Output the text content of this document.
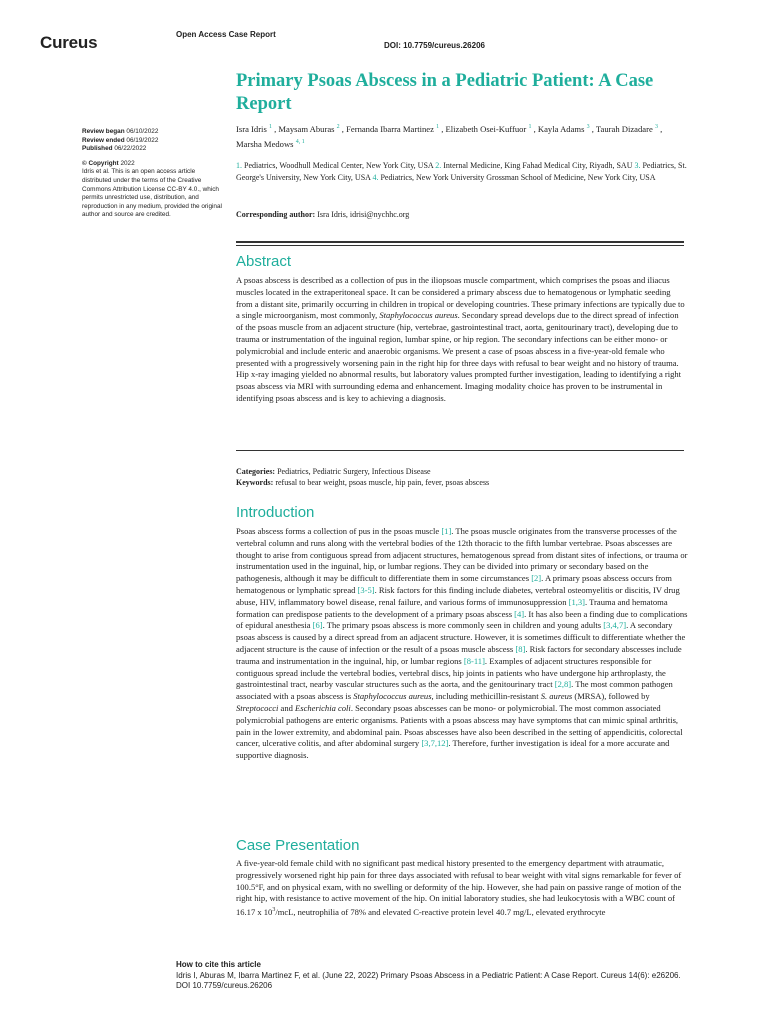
Cureus	Open Access Case Report
DOI: 10.7759/cureus.26206
Primary Psoas Abscess in a Pediatric Patient: A Case Report
Isra Idris $^1$ , Maysam Aburas $^2$ , Fernanda Ibarra Martinez $^1$ , Elizabeth Osei-Kuffuor $^1$ , Kayla Adams $^3$ , Taurah Dizadare $^3$ , Marsha Medows $^{4, 1}$
1. Pediatrics, Woodhull Medical Center, New York City, USA 2. Internal Medicine, King Fahad Medical City, Riyadh, SAU 3. Pediatrics, St. George's University, New York City, USA 4. Pediatrics, New York University Grossman School of Medicine, New York City, USA
Corresponding author: Isra Idris, idrisi@nychhc.org
Review began 06/10/2022
Review ended 06/19/2022
Published 06/22/2022
© Copyright 2022
Idris et al. This is an open access article distributed under the terms of the Creative Commons Attribution License CC-BY 4.0., which permits unrestricted use, distribution, and reproduction in any medium, provided the original author and source are credited.
Abstract

A psoas abscess is described as a collection of pus in the iliopsoas muscle compartment, which comprises the psoas and iliacus muscles located in the extraperitoneal space. It can be considered a primary abscess due to hematogenous or lymphatic seeding from a distant site, primarily occurring in children in tropical or developing countries. These primary infections are typically due to a single microorganism, most commonly, Staphylococcus aureus. Secondary spread develops due to the direct spread of infection of the psoas muscle from an adjacent structure (hip, vertebrae, gastrointestinal tract, aorta, genitourinary tract), developing due to trauma or instrumentation of the inguinal region, lumbar spine, or hip region. The secondary infections can be either mono- or polymicrobial and include enteric and anaerobic organisms. We present a case of psoas abscess in a five-year-old female who presented with a progressively worsening pain in the right hip for three days with refusal to bear weight and no history of trauma. Hip x-ray imaging yielded no abnormal results, but laboratory values prompted further investigation, leading to identifying a right psoas abscess via MRI with surrounding edema and enhancement. Imaging modality choice has proven to be instrumental in identifying psoas abscess and is key to achieving a diagnosis.

Categories: Pediatrics, Pediatric Surgery, Infectious Disease
Keywords: refusal to bear weight, psoas muscle, hip pain, fever, psoas abscess
Introduction

Psoas abscess forms a collection of pus in the psoas muscle [1]. The psoas muscle originates from the transverse processes of the vertebral column and runs along with the vertebral bodies of the 12th thoracic to the fifth lumbar vertebrae. Psoas abscesses are thought to arise from contiguous spread from adjacent structures, hematogenous spread from distant sites of infections, or trauma or instrumentation used in the inguinal, hip, or lumbar regions. They can be divided into primary or secondary based on the pathogenesis, although it may be difficult to differentiate them in some circumstances [2]. A primary psoas abscess occurs from hematogenous or lymphatic spread [3-5]. Risk factors for this finding include diabetes, vertebral osteomyelitis or discitis, IV drug abuse, HIV, inflammatory bowel disease, renal failure, and various forms of immunosuppression [1,3]. Trauma and hematoma formation can predispose patients to the development of a primary psoas abscess [4]. It has also been a finding due to complications of epidural anesthesia [6]. The primary psoas abscess is more commonly seen in children and young adults [3,4,7]. A secondary psoas abscess is caused by a direct spread from an adjacent structure. However, it is sometimes difficult to differentiate whether the adjacent structure is the cause of infection or the result of a psoas muscle abscess [8]. Risk factors for secondary abscesses include trauma and instrumentation in the inguinal, hip, or lumbar regions [8-11]. Examples of adjacent structures responsible for contiguous spread include the vertebral bodies, vertebral discs, hip joints in patients who have undergone hip arthroplasty, the gastrointestinal tract, nearby vascular structures such as the aorta, and the genitourinary tract [2,8]. The most common pathogen associated with a psoas abscess is Staphylococcus aureus, including methicillin-resistant S. aureus (MRSA), followed by Streptococci and Escherichia coli. Secondary psoas abscesses can be mono- or polymicrobial. The most common associated polymicrobial pathogens are enteric organisms. Patients with a psoas abscess may have symptoms that can mimic spinal arthritis, pain in the lower extremity, and abdominal pain. Psoas abscesses have also been described in the setting of appendicitis, colorectal cancer, ulcerative colitis, and after abdominal surgery [3,7,12]. Therefore, further investigation is ideal for a more accurate and supportive diagnosis.

Case Presentation

A five-year-old female child with no significant past medical history presented to the emergency department with atraumatic, progressively worsened right hip pain for three days associated with refusal to bear weight with vital signs remarkable for fever of 100.5°F, and on physical exam, with no swelling or deformity of the hip. However, she had pain on passive range of motion of the right hip, with resistance to active movement of the hip. On initial laboratory studies, she had leukocytosis with a WBC count of 16.17 x $10^3$/mcL, neutrophilia of 78% and elevated C-reactive protein level 40.7 mg/L, elevated erythrocyte

How to cite this article
Idris I, Aburas M, Ibarra Martinez F, et al. (June 22, 2022) Primary Psoas Abscess in a Pediatric Patient: A Case Report. Cureus 14(6): e26206.
DOI 10.7759/cureus.26206
